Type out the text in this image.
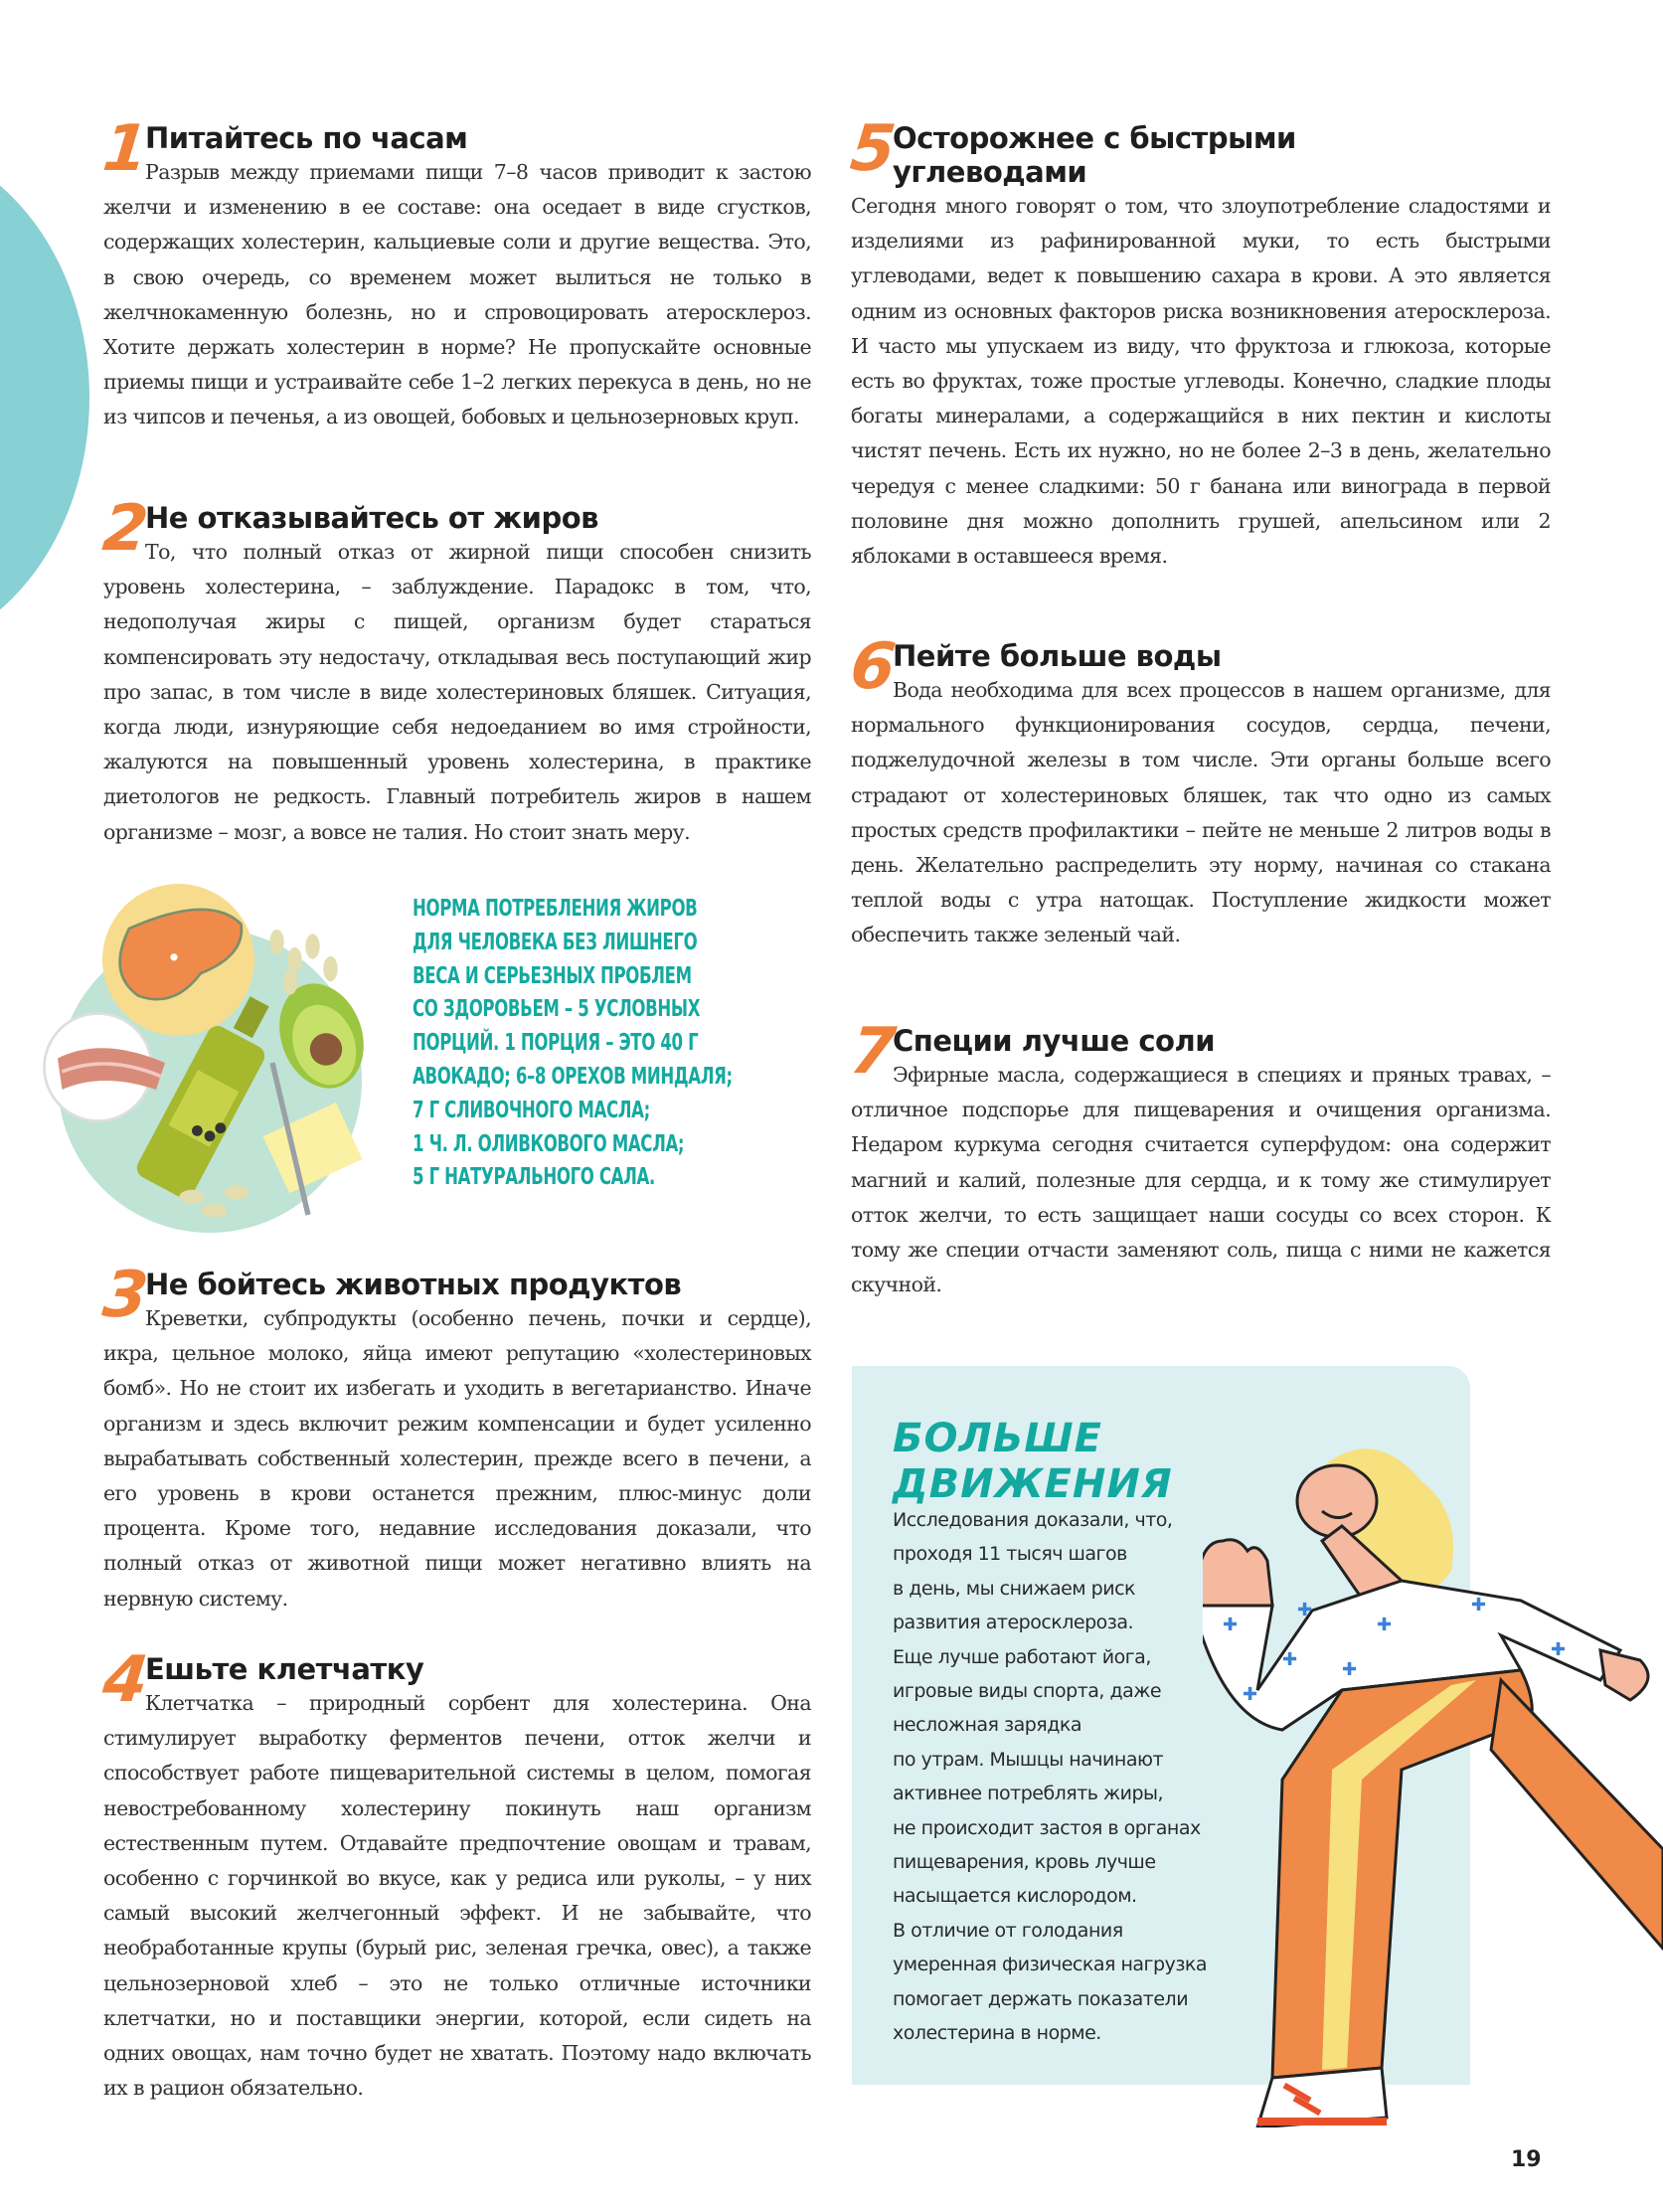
1
Питайтесь по часам

Разрыв между приемами пищи 7–8 часов приводит к застою желчи и изменению в ее составе: она оседает в виде сгустков, содержащих холестерин, кальциевые соли и другие вещества. Это, в свою очередь, со временем может вылиться не только в желчнокаменную болезнь, но и спровоцировать атеросклероз. Хотите держать холестерин в норме? Не пропускайте основные приемы пищи и устраивайте себе 1–2 легких перекуса в день, но не из чипсов и печенья, а из овощей, бобовых и цельнозерновых круп.

2
Не отказывайтесь от жиров

То, что полный отказ от жирной пищи способен снизить уровень холестерина, – заблуждение. Парадокс в том, что, недополучая жиры с пищей, организм будет стараться компенсировать эту недостачу, откладывая весь поступающий жир про запас, в том числе в виде холестериновых бляшек. Ситуация, когда люди, изнуряющие себя недоеданием во имя стройности, жалуются на повышенный уровень холестерина, в практике диетологов не редкость. Главный потребитель жиров в нашем организме – мозг, а вовсе не талия. Но стоит знать меру.

НОРМА ПОТРЕБЛЕНИЯ ЖИРОВ
ДЛЯ ЧЕЛОВЕКА БЕЗ ЛИШНЕГО
ВЕСА И СЕРЬЕЗНЫХ ПРОБЛЕМ
СО ЗДОРОВЬЕМ – 5 УСЛОВНЫХ
ПОРЦИЙ. 1 ПОРЦИЯ – ЭТО 40 Г
АВОКАДО; 6–8 ОРЕХОВ МИНДАЛЯ;
7 Г СЛИВОЧНОГО МАСЛА;
1 Ч. Л. ОЛИВКОВОГО МАСЛА;
5 Г НАТУРАЛЬНОГО САЛА.
3
Не бойтесь животных продуктов

Креветки, субпродукты (особенно печень, почки и сердце), икра, цельное молоко, яйца имеют репутацию «холестериновых бомб». Но не стоит их избегать и уходить в вегетарианство. Иначе организм и здесь включит режим компенсации и будет усиленно вырабатывать собственный холестерин, прежде всего в печени, а его уровень в крови останется прежним, плюс-минус доли процента. Кроме того, недавние исследования доказали, что полный отказ от животной пищи может негативно влиять на нервную систему.

4
Ешьте клетчатку

Клетчатка – природный сорбент для холестерина. Она стимулирует выработку ферментов печени, отток желчи и способствует работе пищеварительной системы в целом, помогая невостребованному холестерину покинуть наш организм естественным путем. Отдавайте предпочтение овощам и травам, особенно с горчинкой во вкусе, как у редиса или руколы, – у них самый высокий желчегонный эффект. И не забывайте, что необработанные крупы (бурый рис, зеленая гречка, овес), а также цельнозерновой хлеб – это не только отличные источники клетчатки, но и поставщики энергии, которой, если сидеть на одних овощах, нам точно будет не хватать. Поэтому надо включать их в рацион обязательно.

5
Осторожнее с быстрыми углеводами

Сегодня много говорят о том, что злоупотребление сладостями и изделиями из рафинированной муки, то есть быстрыми углеводами, ведет к повышению сахара в крови. А это является одним из основных факторов риска возникновения атеросклероза. И часто мы упускаем из виду, что фруктоза и глюкоза, которые есть во фруктах, тоже простые углеводы. Конечно, сладкие плоды богаты минералами, а содержащийся в них пектин и кислоты чистят печень. Есть их нужно, но не более 2–3 в день, желательно чередуя с менее сладкими: 50 г банана или винограда в первой половине дня можно дополнить грушей, апельсином или 2 яблоками в оставшееся время.

6
Пейте больше воды

Вода необходима для всех процессов в нашем организме, для нормального функционирования сосудов, сердца, печени, поджелудочной железы в том числе. Эти органы больше всего страдают от холестериновых бляшек, так что одно из самых простых средств профилактики – пейте не меньше 2 литров воды в день. Желательно распределить эту норму, начиная со стакана теплой воды с утра натощак. Поступление жидкости может обеспечить также зеленый чай.

7
Специи лучше соли

Эфирные масла, содержащиеся в специях и пряных травах, – отличное подспорье для пищеварения и очищения организма. Недаром куркума сегодня считается суперфудом: она содержит магний и калий, полезные для сердца, и к тому же стимулирует отток желчи, то есть защищает наши сосуды со всех сторон. К тому же специи отчасти заменяют соль, пища с ними не кажется скучной.

БОЛЬШЕ
ДВИЖЕНИЯ
Исследования доказали, что,
проходя 11 тысяч шагов
в день, мы снижаем риск
развития атеросклероза.
Еще лучше работают йога,
игровые виды спорта, даже
несложная зарядка
по утрам. Мышцы начинают
активнее потреблять жиры,
не происходит застоя в органах
пищеварения, кровь лучше
насыщается кислородом.
В отличие от голодания
умеренная физическая нагрузка
помогает держать показатели
холестерина в норме.
✚
✚
✚
✚ ✚
✚
✚
✚
19
